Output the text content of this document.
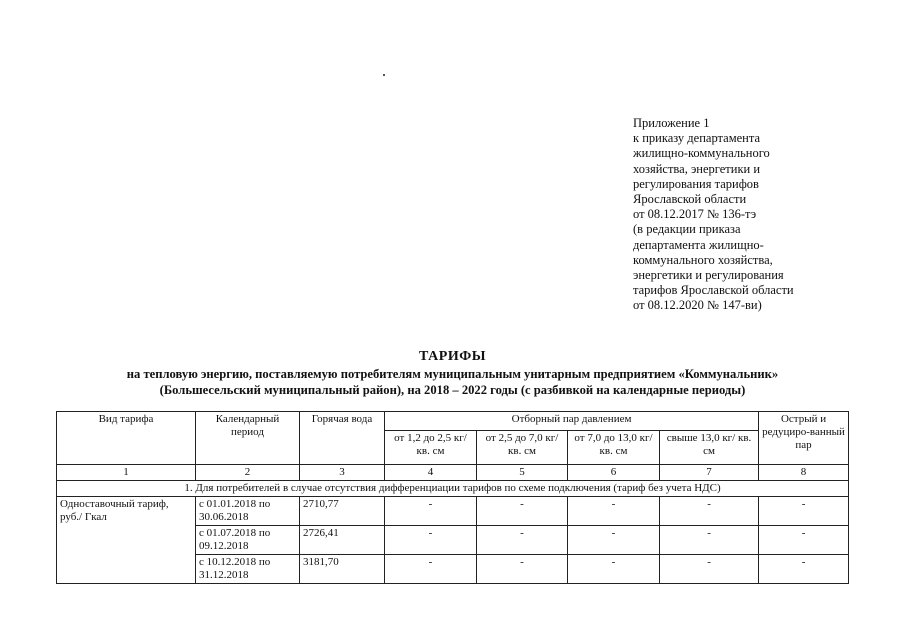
Приложение 1
к приказу департамента
жилищно-коммунального
хозяйства, энергетики и
регулирования тарифов
Ярославской области
от 08.12.2017 № 136-тэ
(в редакции приказа
департамента жилищно-
коммунального хозяйства,
энергетики и регулирования
тарифов Ярославской области
от 08.12.2020 № 147-ви)
ТАРИФЫ
на тепловую энергию, поставляемую потребителям муниципальным унитарным предприятием «Коммунальник»
(Большесельский муниципальный район), на 2018 – 2022 годы (с разбивкой на календарные периоды)
Вид тарифа	Календарный период	Горячая вода	Отборный пар давлением				Острый и редуциро-ванный пар
			от 1,2 до 2,5 кг/ кв. см	от 2,5 до 7,0 кг/ кв. см	от 7,0 до 13,0 кг/ кв. см	свыше 13,0 кг/ кв. см	
1	2	3	4	5	6	7	8
1. Для потребителей в случае отсутствия дифференциации тарифов по схеме подключения (тариф без учета НДС)							
Одноставочный тариф, руб./ Гкал	с 01.01.2018 по 30.06.2018	2710,77	-	-	-	-	-
	с 01.07.2018 по 09.12.2018	2726,41	-	-	-	-	-
	с 10.12.2018 по 31.12.2018	3181,70	-	-	-	-	-
